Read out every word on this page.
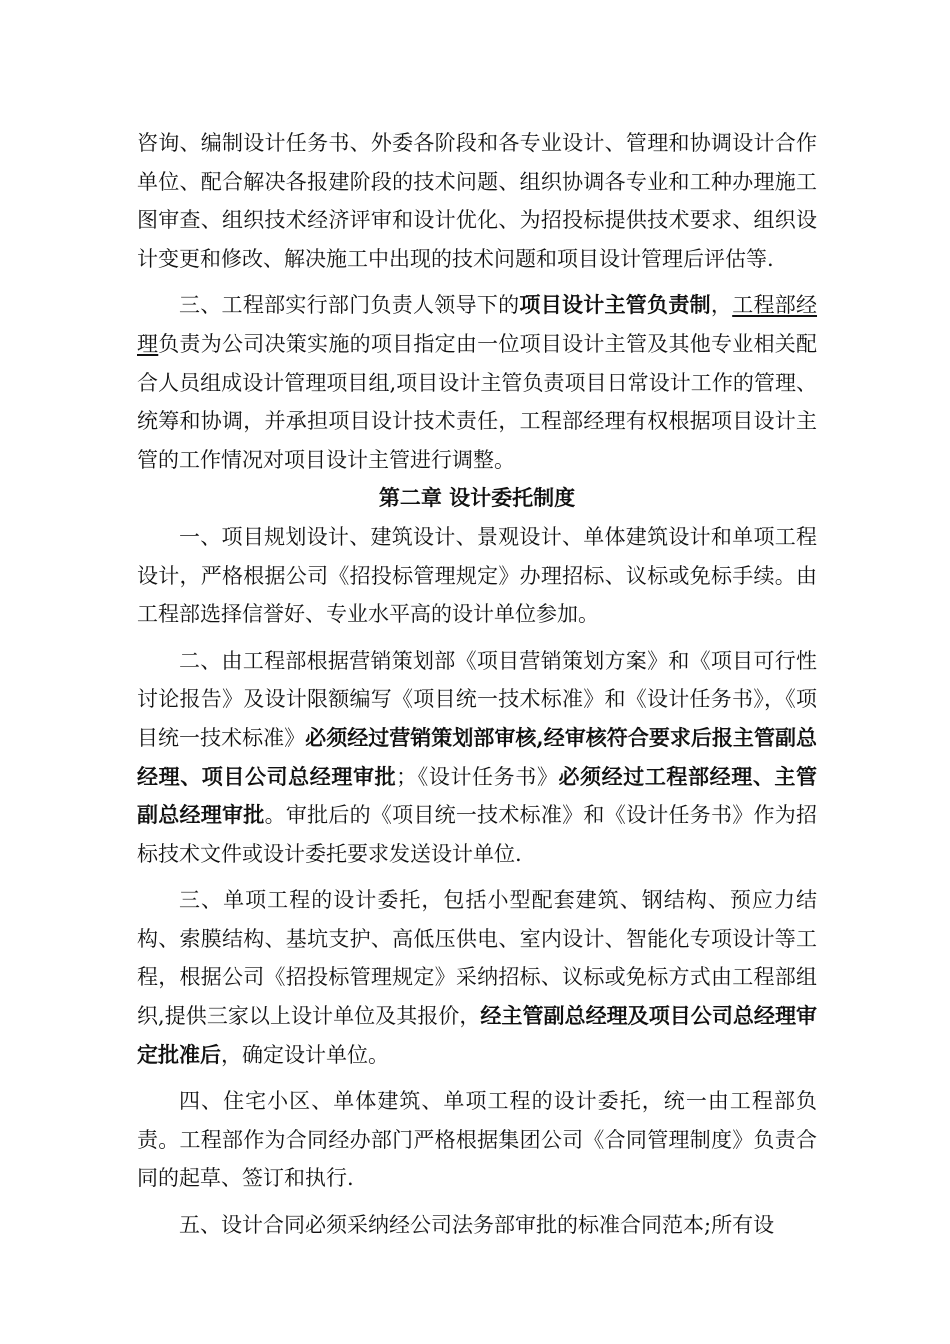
咨询、编制设计任务书、外委各阶段和各专业设计、管理和协调设计合作单位、配合解决各报建阶段的技术问题、组织协调各专业和工种办理施工图审查、组织技术经济评审和设计优化、为招投标提供技术要求、组织设计变更和修改、解决施工中出现的技术问题和项目设计管理后评估等.

三、工程部实行部门负责人领导下的项目设计主管负责制，工程部经理负责为公司决策实施的项目指定由一位项目设计主管及其他专业相关配合人员组成设计管理项目组,项目设计主管负责项目日常设计工作的管理、统筹和协调，并承担项目设计技术责任，工程部经理有权根据项目设计主管的工作情况对项目设计主管进行调整。

第二章 设计委托制度

一、项目规划设计、建筑设计、景观设计、单体建筑设计和单项工程设计，严格根据公司《招投标管理规定》办理招标、议标或免标手续。由工程部选择信誉好、专业水平高的设计单位参加。

二、由工程部根据营销策划部《项目营销策划方案》和《项目可行性讨论报告》及设计限额编写《项目统一技术标准》和《设计任务书》，《项目统一技术标准》必须经过营销策划部审核,经审核符合要求后报主管副总经理、项目公司总经理审批；《设计任务书》必须经过工程部经理、主管副总经理审批。审批后的《项目统一技术标准》和《设计任务书》作为招标技术文件或设计委托要求发送设计单位.

三、单项工程的设计委托，包括小型配套建筑、钢结构、预应力结构、索膜结构、基坑支护、高低压供电、室内设计、智能化专项设计等工程，根据公司《招投标管理规定》采纳招标、议标或免标方式由工程部组织,提供三家以上设计单位及其报价，经主管副总经理及项目公司总经理审定批准后，确定设计单位。

四、住宅小区、单体建筑、单项工程的设计委托，统一由工程部负责。工程部作为合同经办部门严格根据集团公司《合同管理制度》负责合同的起草、签订和执行.

五、设计合同必须采纳经公司法务部审批的标准合同范本;所有设
